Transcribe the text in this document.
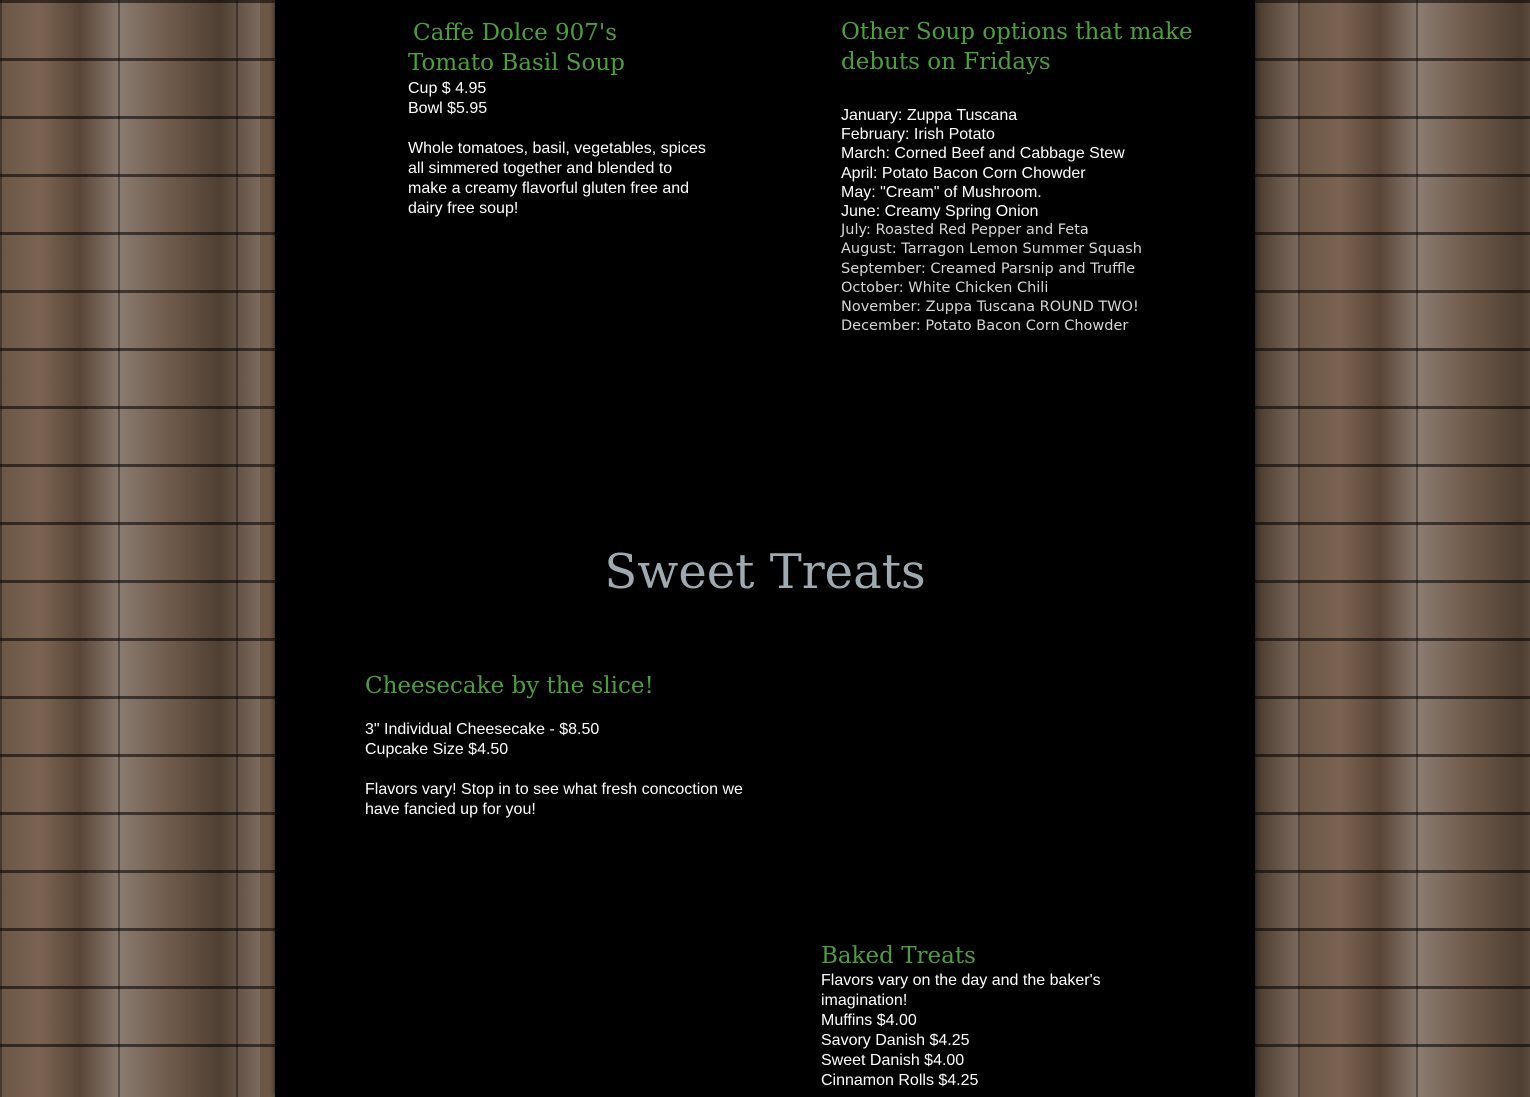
Caffe Dolce 907's
Tomato Basil Soup
Cup $ 4.95
Bowl $5.95
Whole tomatoes, basil, vegetables, spices
all simmered together and blended to
make a creamy flavorful gluten free and
dairy free soup!
Other Soup options that make
debuts on Fridays
January: Zuppa Tuscana
February: Irish Potato
March: Corned Beef and Cabbage Stew
April: Potato Bacon Corn Chowder
May: "Cream" of Mushroom.
June: Creamy Spring Onion
July: Roasted Red Pepper and Feta
August: Tarragon Lemon Summer Squash
September: Creamed Parsnip and Truffle
October: White Chicken Chili
November: Zuppa Tuscana ROUND TWO!
December: Potato Bacon Corn Chowder
Sweet Treats
Cheesecake by the slice!
3" Individual Cheesecake - $8.50
Cupcake Size $4.50
Flavors vary! Stop in to see what fresh concoction we
have fancied up for you!
Baked Treats
Flavors vary on the day and the baker's
imagination!
Muffins $4.00
Savory Danish $4.25
Sweet Danish $4.00
Cinnamon Rolls $4.25
